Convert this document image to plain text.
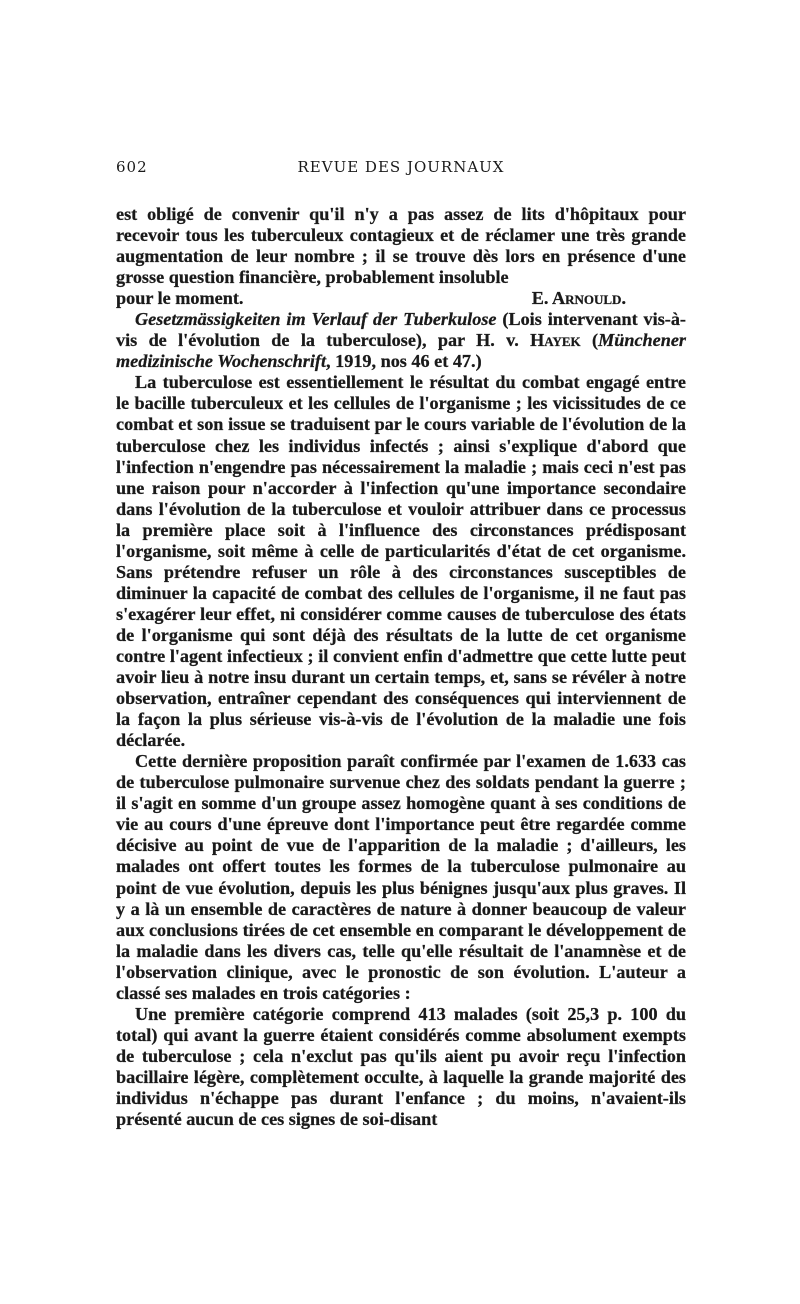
602	REVUE DES JOURNAUX

est obligé de convenir qu'il n'y a pas assez de lits d'hôpitaux pour recevoir tous les tuberculeux contagieux et de réclamer une très grande augmentation de leur nombre ; il se trouve dès lors en présence d'une grosse question financière, probablement insoluble

pour le moment.	E. Arnould.

Gesetzmässigkeiten im Verlauf der Tuberkulose (Lois intervenant vis-à-vis de l'évolution de la tuberculose), par H. v. Hayek (Münchener medizinische Wochenschrift, 1919, nos 46 et 47.)

La tuberculose est essentiellement le résultat du combat engagé entre le bacille tuberculeux et les cellules de l'organisme ; les vicissitudes de ce combat et son issue se traduisent par le cours variable de l'évolution de la tuberculose chez les individus infectés ; ainsi s'explique d'abord que l'infection n'engendre pas nécessairement la maladie ; mais ceci n'est pas une raison pour n'accorder à l'infection qu'une importance secondaire dans l'évolution de la tuberculose et vouloir attribuer dans ce processus la première place soit à l'influence des circonstances prédisposant l'organisme, soit même à celle de particularités d'état de cet organisme. Sans prétendre refuser un rôle à des circonstances susceptibles de diminuer la capacité de combat des cellules de l'organisme, il ne faut pas s'exagérer leur effet, ni considérer comme causes de tuberculose des états de l'organisme qui sont déjà des résultats de la lutte de cet organisme contre l'agent infectieux ; il convient enfin d'admettre que cette lutte peut avoir lieu à notre insu durant un certain temps, et, sans se révéler à notre observation, entraîner cependant des conséquences qui interviennent de la façon la plus sérieuse vis-à-vis de l'évolution de la maladie une fois déclarée.

Cette dernière proposition paraît confirmée par l'examen de 1.633 cas de tuberculose pulmonaire survenue chez des soldats pendant la guerre ; il s'agit en somme d'un groupe assez homogène quant à ses conditions de vie au cours d'une épreuve dont l'importance peut être regardée comme décisive au point de vue de l'apparition de la maladie ; d'ailleurs, les malades ont offert toutes les formes de la tuberculose pulmonaire au point de vue évolution, depuis les plus bénignes jusqu'aux plus graves. Il y a là un ensemble de caractères de nature à donner beaucoup de valeur aux conclusions tirées de cet ensemble en comparant le développement de la maladie dans les divers cas, telle qu'elle résultait de l'anamnèse et de l'observation clinique, avec le pronostic de son évolution. L'auteur a classé ses malades en trois catégories :

Une première catégorie comprend 413 malades (soit 25,3 p. 100 du total) qui avant la guerre étaient considérés comme absolument exempts de tuberculose ; cela n'exclut pas qu'ils aient pu avoir reçu l'infection bacillaire légère, complètement occulte, à laquelle la grande majorité des individus n'échappe pas durant l'enfance ; du moins, n'avaient-ils présenté aucun de ces signes de soi-disant
